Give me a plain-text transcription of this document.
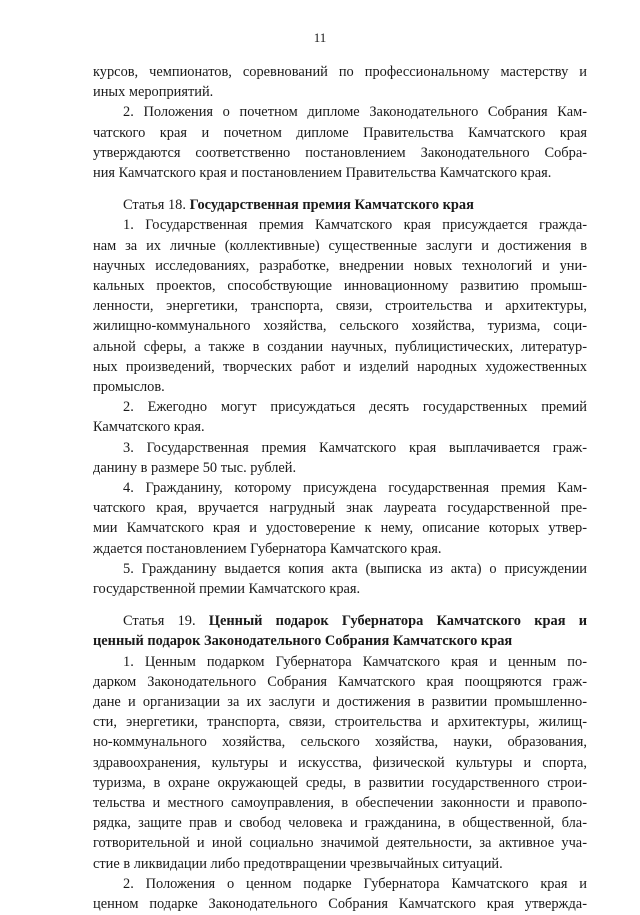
11
курсов, чемпионатов, соревнований по профессиональному мастерству и
иных мероприятий.
2. Положения о почетном дипломе Законодательного Собрания Кам-
чатского края и почетном дипломе Правительства Камчатского края
утверждаются соответственно постановлением Законодательного Собра-
ния Камчатского края и постановлением Правительства Камчатского края.
Статья 18. Государственная премия Камчатского края
1. Государственная премия Камчатского края присуждается гражда-
нам за их личные (коллективные) существенные заслуги и достижения в
научных исследованиях, разработке, внедрении новых технологий и уни-
кальных проектов, способствующие инновационному развитию промыш-
ленности, энергетики, транспорта, связи, строительства и архитектуры,
жилищно-коммунального хозяйства, сельского хозяйства, туризма, соци-
альной сферы, а также в создании научных, публицистических, литератур-
ных произведений, творческих работ и изделий народных художественных
промыслов.
2. Ежегодно могут присуждаться десять государственных премий
Камчатского края.
3. Государственная премия Камчатского края выплачивается граж-
данину в размере 50 тыс. рублей.
4. Гражданину, которому присуждена государственная премия Кам-
чатского края, вручается нагрудный знак лауреата государственной пре-
мии Камчатского края и удостоверение к нему, описание которых утвер-
ждается постановлением Губернатора Камчатского края.
5. Гражданину выдается копия акта (выписка из акта) о присуждении
государственной премии Камчатского края.
Статья 19. Ценный подарок Губернатора Камчатского края и
ценный подарок Законодательного Собрания Камчатского края
1. Ценным подарком Губернатора Камчатского края и ценным по-
дарком Законодательного Собрания Камчатского края поощряются граж-
дане и организации за их заслуги и достижения в развитии промышленно-
сти, энергетики, транспорта, связи, строительства и архитектуры, жилищ-
но-коммунального хозяйства, сельского хозяйства, науки, образования,
здравоохранения, культуры и искусства, физической культуры и спорта,
туризма, в охране окружающей среды, в развитии государственного строи-
тельства и местного самоуправления, в обеспечении законности и правопо-
рядка, защите прав и свобод человека и гражданина, в общественной, бла-
готворительной и иной социально значимой деятельности, за активное уча-
стие в ликвидации либо предотвращении чрезвычайных ситуаций.
2. Положения о ценном подарке Губернатора Камчатского края и
ценном подарке Законодательного Собрания Камчатского края утвержда-
